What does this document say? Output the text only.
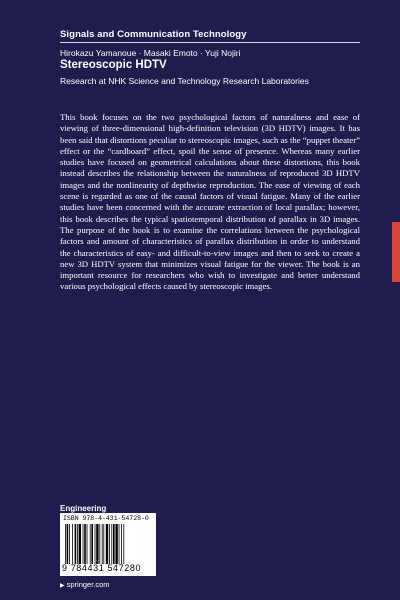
Signals and Communication Technology
Hirokazu Yamanoue · Masaki Emoto · Yuji Nojiri
Stereoscopic HDTV
Research at NHK Science and Technology Research Laboratories

This book focuses on the two psychological factors of naturalness and ease of viewing of three-dimensional high-definition television (3D HDTV) images. It has been said that distortions peculiar to stereoscopic images, such as the “puppet theater” effect or the “cardboard” effect, spoil the sense of presence. Whereas many earlier studies have focused on geometrical calculations about these distortions, this book instead describes the relationship between the naturalness of reproduced 3D HDTV images and the nonlinearity of depthwise reproduction. The ease of viewing of each scene is regarded as one of the causal factors of visual fatigue. Many of the earlier studies have been concerned with the accurate extraction of local parallax; however, this book describes the typical spatiotemporal distribution of parallax in 3D images. The purpose of the book is to examine the correlations between the psychological factors and amount of characteristics of parallax distribution in order to understand the characteristics of easy- and difficult-to-view images and then to seek to create a new 3D HDTV system that minimizes visual fatigue for the viewer. The book is an important resource for researchers who wish to investigate and better understand various psychological effects caused by stereoscopic images.

Engineering
ISBN 978-4-431-54728-0
9 784431 547280
▶ springer.com
